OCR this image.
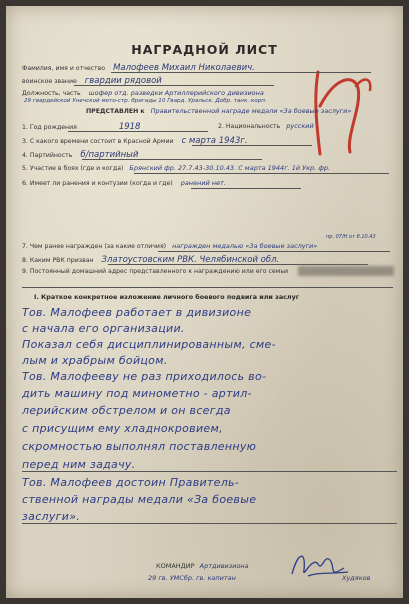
НАГРАДНОЙ ЛИСТ
Фамилия, имя и отчество Малофеев Михаил Николаевич.
воинское звание гвардии рядовой
Должность, часть шофер отд. разведки Артиллерийского дивизиона
29 гвардейской Унечской мото-стр. бригады 10 Гвард. Уральск. Добр. танк. корп.
ПРЕДСТАВЛЕН к Правительственной награде медали «За боевые заслуги»
1. Год рождения	1918	2. Национальность русский
3. С какого времени состоит в Красной Армии с марта 1943г.
4. Партийность б/партийный
5. Участие в боях (где и когда) Брянский фр. 27.7.43-30.10.43. С марта 1944г. 1й Укр. фр.
6. Имеет ли ранения и контузии (когда и где) ранений нет.
пр. 07/Н от 8.10.43
7. Чем ранее награжден (за какие отличия) награжден медалью «За боевые заслуги»
8. Каким РВК призван Златоустовским РВК. Челябинской обл.
9. Постоянный домашний адрес представленного к награждению или его семьи
I. Краткое конкретное изложение личного боевого подвига или заслуг
Тов. Малофеев работает в дивизионе
с начала его организации.
Показал себя дисциплинированным, сме-
лым и храбрым бойцом.
Тов. Малофееву не раз приходилось во-
дить машину под минометно - артил-
лерийским обстрелом и он всегда
с присущим ему хладнокровием,
скромностью выполнял поставленную
перед ним задачу.
Тов. Малофеев достоин Правитель-
ственной награды медали «За боевые
заслуги».
КОМАНДИР Артдивизиона
29 гв. УМСбр. гв. капитан	Худяков
